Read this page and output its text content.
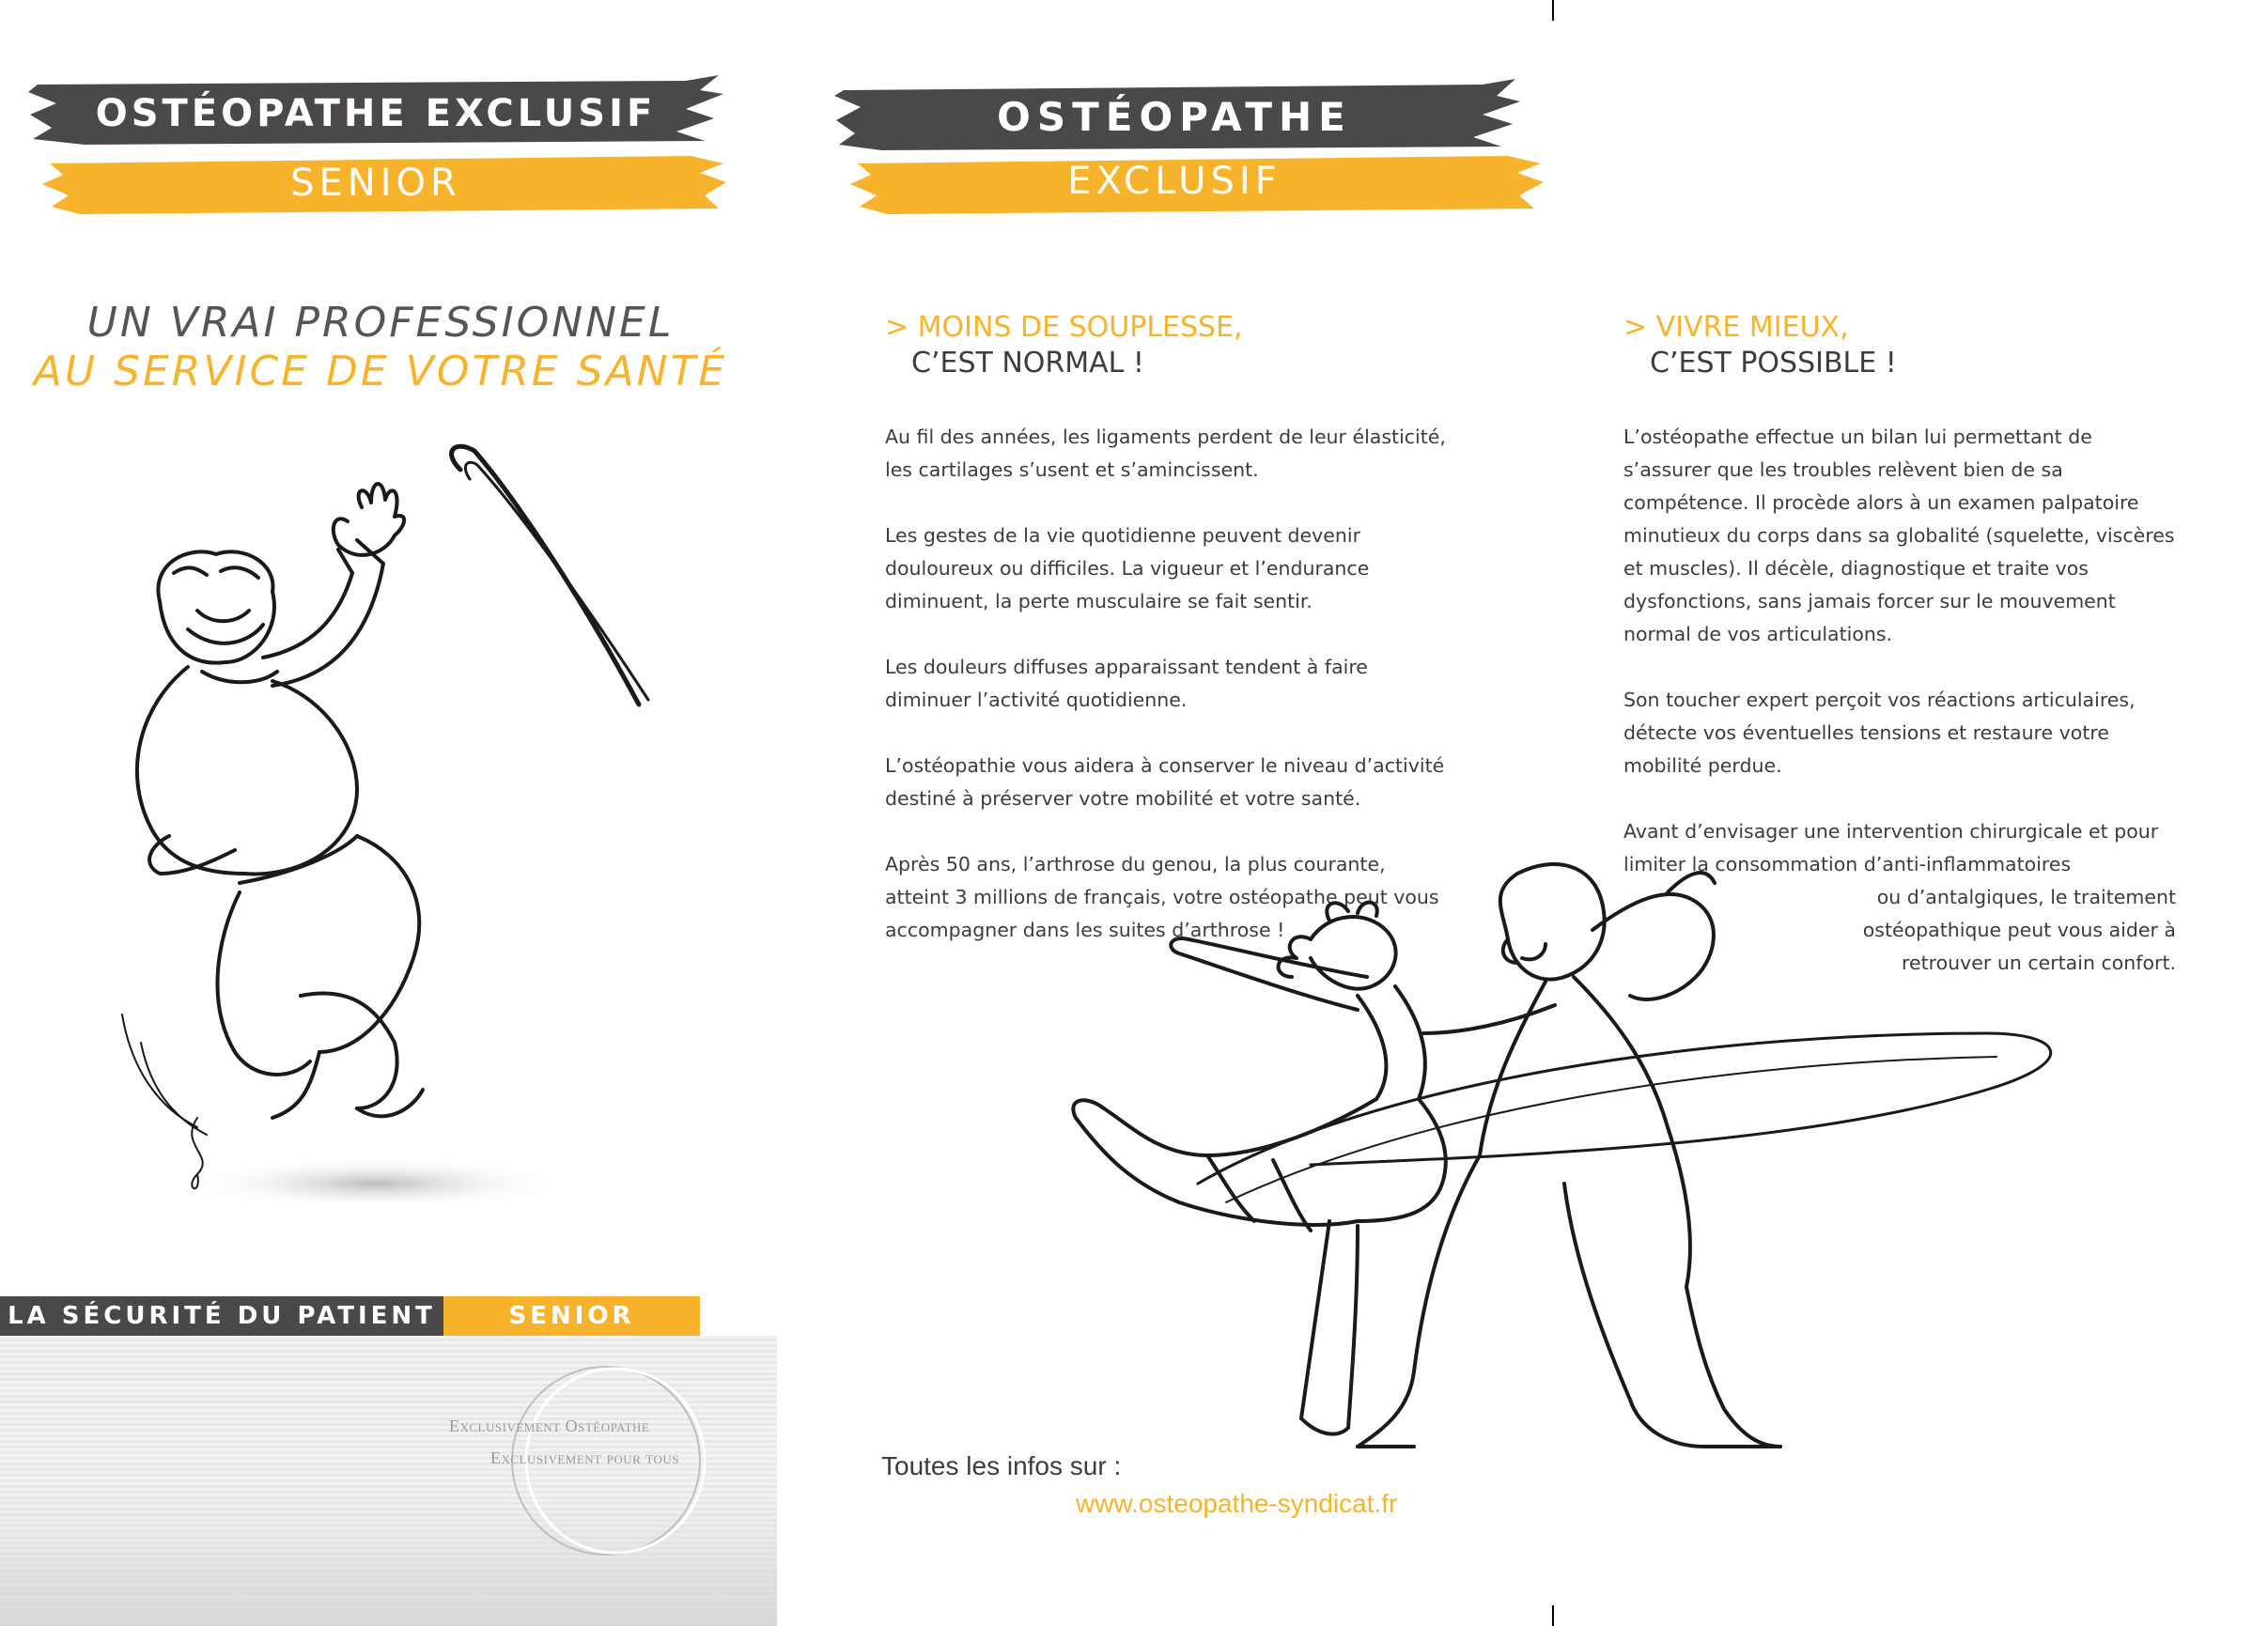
OSTÉOPATHE EXCLUSIF
SENIOR
UN VRAI PROFESSIONNEL
AU SERVICE DE VOTRE SANTÉ
LA SÉCURITÉ DU PATIENT	SENIOR
Exclusivement Ostéopathe
Exclusivement pour tous
OSTÉOPATHE
EXCLUSIF
> MOINS DE SOUPLESSE,
C’EST NORMAL !

Au fil des années, les ligaments perdent de leur élasticité, les cartilages s’usent et s’amincissent.

Les gestes de la vie quotidienne peuvent devenir douloureux ou difficiles. La vigueur et l’endurance diminuent, la perte musculaire se fait sentir.

Les douleurs diffuses apparaissant tendent à faire diminuer l’activité quotidienne.

L’ostéopathie vous aidera à conserver le niveau d’activité destiné à préserver votre mobilité et votre santé.

Après 50 ans, l’arthrose du genou, la plus courante, atteint 3 millions de français, votre ostéopathe peut vous accompagner dans les suites d’arthrose !

> VIVRE MIEUX,
C’EST POSSIBLE !

L’ostéopathe effectue un bilan lui permettant de s’assurer que les troubles relèvent bien de sa compétence. Il procède alors à un examen palpatoire minutieux du corps dans sa globalité (squelette, viscères et muscles). Il décèle, diagnostique et traite vos dysfonctions, sans jamais forcer sur le mouvement normal de vos articulations.

Son toucher expert perçoit vos réactions articulaires, détecte vos éventuelles tensions et restaure votre mobilité perdue.

Avant d’envisager une intervention chirurgicale et pour limiter la consommation d’anti-inflammatoires

ou d’antalgiques, le traitement ostéopathique peut vous aider à retrouver un certain confort.

Toutes les infos sur :
www.osteopathe-syndicat.fr
